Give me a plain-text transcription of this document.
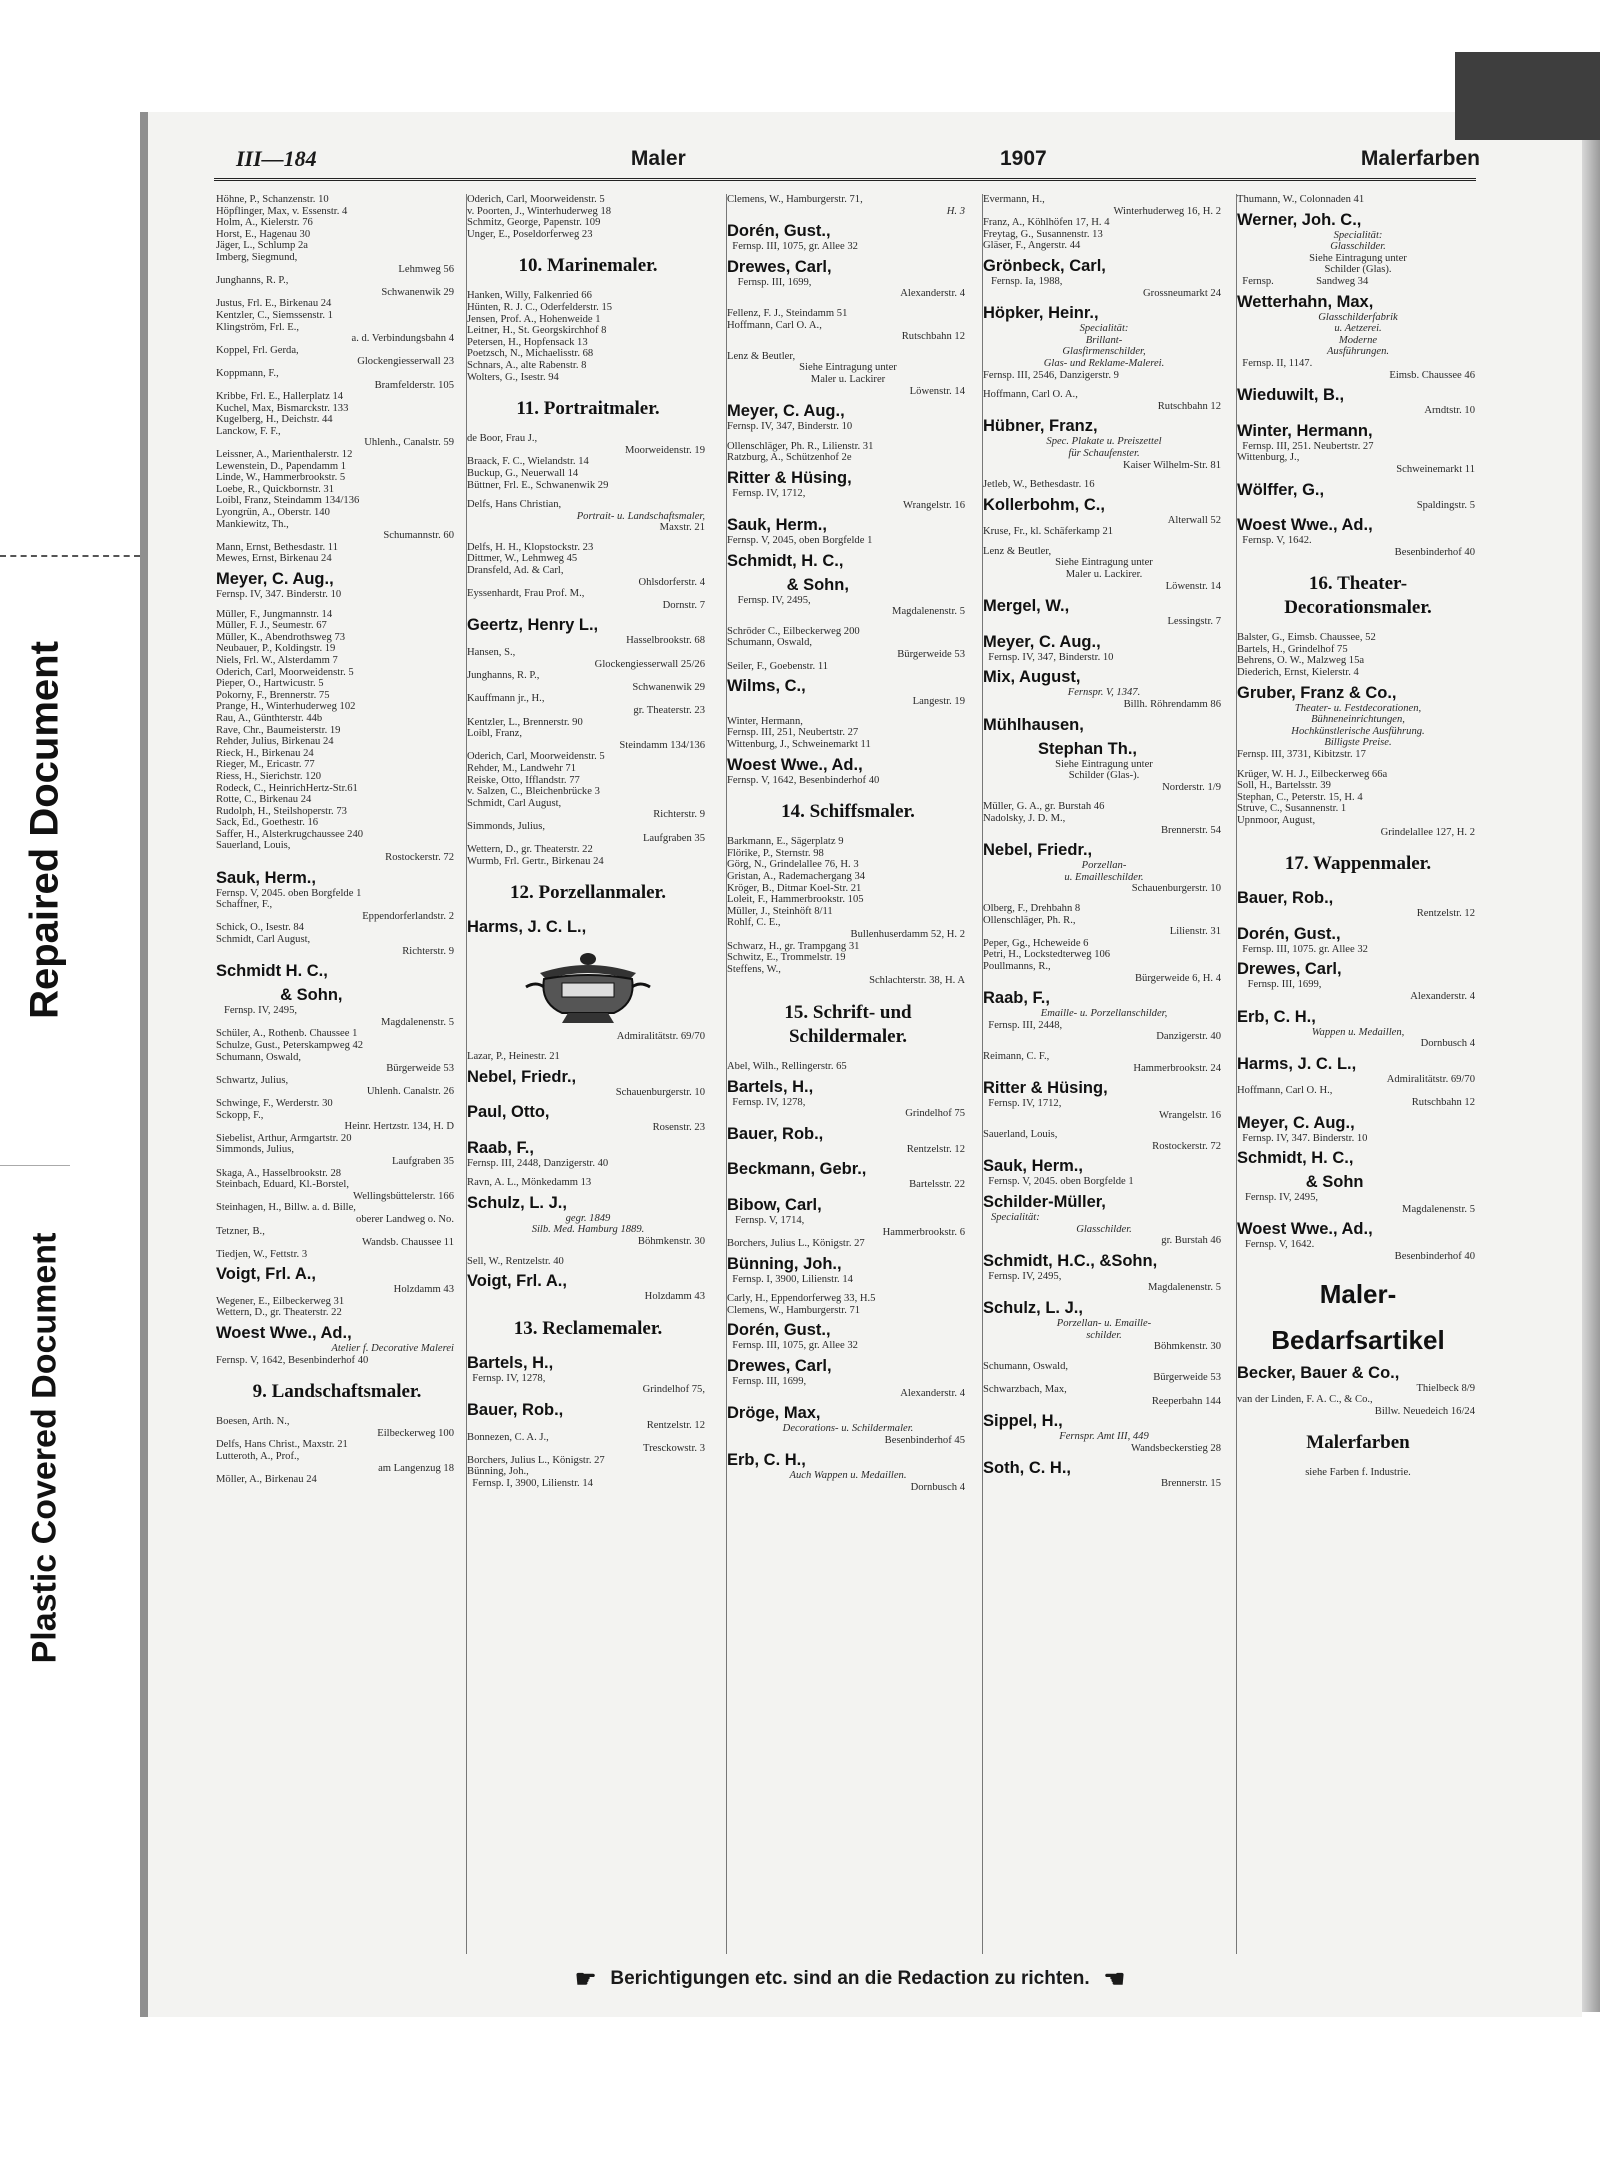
Repaired Document
Plastic Covered Document
III—184	Maler	1907	Malerfarben
Höhne, P., Schanzenstr. 10
Höpflinger, Max, v. Essenstr. 4
Holm, A., Kielerstr. 76
Horst, E., Hagenau 30
Jäger, L., Schlump 2a
Imberg, Siegmund,
Lehmweg 56
Junghanns, R. P.,
Schwanenwik 29
Justus, Frl. E., Birkenau 24
Kentzler, C., Siemssenstr. 1
Klingström, Frl. E.,
a. d. Verbindungsbahn 4
Koppel, Frl. Gerda,
Glockengiesserwall 23
Koppmann, F.,
Bramfelderstr. 105
Kribbe, Frl. E., Hallerplatz 14
Kuchel, Max, Bismarckstr. 133
Kugelberg, H., Deichstr. 44
Lanckow, F. F.,
Uhlenh., Canalstr. 59
Leissner, A., Marienthalerstr. 12
Lewenstein, D., Papendamm 1
Linde, W., Hammerbrookstr. 5
Loebe, R., Quickbornstr. 31
Loibl, Franz, Steindamm 134/136
Lyongrün, A., Oberstr. 140
Mankiewitz, Th.,
Schumannstr. 60
Mann, Ernst, Bethesdastr. 11
Mewes, Ernst, Birkenau 24
Meyer, C. Aug.,
Fernsp. IV, 347. Binderstr. 10
Müller, F., Jungmannstr. 14
Müller, F. J., Seumestr. 67
Müller, K., Abendrothsweg 73
Neubauer, P., Koldingstr. 19
Niels, Frl. W., Alsterdamm 7
Oderich, Carl, Moorweidenstr. 5
Pieper, O., Hartwicustr. 5
Pokorny, F., Brennerstr. 75
Prange, H., Winterhuderweg 102
Rau, A., Günthterstr. 44b
Rave, Chr., Baumeisterstr. 19
Rehder, Julius, Birkenau 24
Rieck, H., Birkenau 24
Rieger, M., Ericastr. 77
Riess, H., Sierichstr. 120
Rodeck, C., HeinrichHertz-Str.61
Rotte, C., Birkenau 24
Rudolph, H., Steilshoperstr. 73
Sack, Ed., Goethestr. 16
Saffer, H., Alsterkrugchaussee 240
Sauerland, Louis,
Rostockerstr. 72
Sauk, Herm.,
Fernsp. V, 2045. oben Borgfelde 1
Schaffner, F.,
Eppendorferlandstr. 2
Schick, O., Isestr. 84
Schmidt, Carl August,
Richterstr. 9
Schmidt H. C.,
& Sohn,
Fernsp. IV, 2495,
Magdalenenstr. 5
Schüler, A., Rothenb. Chaussee 1
Schulze, Gust., Peterskampweg 42
Schumann, Oswald,
Bürgerweide 53
Schwartz, Julius,
Uhlenh. Canalstr. 26
Schwinge, F., Werderstr. 30
Sckopp, F.,
Heinr. Hertzstr. 134, H. D
Siebelist, Arthur, Armgartstr. 20
Simmonds, Julius,
Laufgraben 35
Skaga, A., Hasselbrookstr. 28
Steinbach, Eduard, Kl.-Borstel,
Wellingsbüttelerstr. 166
Steinhagen, H., Billw. a. d. Bille,
oberer Landweg o. No.
Tetzner, B.,
Wandsb. Chaussee 11
Tiedjen, W., Fettstr. 3
Voigt, Frl. A.,
Holzdamm 43
Wegener, E., Eilbeckerweg 31
Wettern, D., gr. Theaterstr. 22
Woest Wwe., Ad.,
Atelier f. Decorative Malerei
Fernsp. V, 1642, Besenbinderhof 40
9. Landschaftsmaler.
Boesen, Arth. N.,
Eilbeckerweg 100
Delfs, Hans Christ., Maxstr. 21
Lutteroth, A., Prof.,
am Langenzug 18
Möller, A., Birkenau 24
Oderich, Carl, Moorweidenstr. 5
v. Poorten, J., Winterhuderweg 18
Schmitz, George, Papenstr. 109
Unger, E., Poseldorferweg 23
10. Marinemaler.
Hanken, Willy, Falkenried 66
Hünten, R. J. C., Oderfelderstr. 15
Jensen, Prof. A., Hohenweide 1
Leitner, H., St. Georgskirchhof 8
Petersen, H., Hopfensack 13
Poetzsch, N., Michaelisstr. 68
Schnars, A., alte Rabenstr. 8
Wolters, G., Isestr. 94
11. Portraitmaler.
de Boor, Frau J.,
Moorweidenstr. 19
Braack, F. C., Wielandstr. 14
Buckup, G., Neuerwall 14
Büttner, Frl. E., Schwanenwik 29
Delfs, Hans Christian,
Portrait- u. Landschaftsmaler,
Maxstr. 21
Delfs, H. H., Klopstockstr. 23
Dittmer, W., Lehmweg 45
Dransfeld, Ad. & Carl,
Ohlsdorferstr. 4
Eyssenhardt, Frau Prof. M.,
Dornstr. 7
Geertz, Henry L.,
Hasselbrookstr. 68
Hansen, S.,
Glockengiesserwall 25/26
Junghanns, R. P.,
Schwanenwik 29
Kauffmann jr., H.,
gr. Theaterstr. 23
Kentzler, L., Brennerstr. 90
Loibl, Franz,
Steindamm 134/136
Oderich, Carl, Moorweidenstr. 5
Rehder, M., Landwehr 71
Reiske, Otto, Ifflandstr. 77
v. Salzen, C., Bleichenbrücke 3
Schmidt, Carl August,
Richterstr. 9
Simmonds, Julius,
Laufgraben 35
Wettern, D., gr. Theaterstr. 22
Wurmb, Frl. Gertr., Birkenau 24
12. Porzellanmaler.
Harms, J. C. L.,
Admiralitätstr. 69/70
Lazar, P., Heinestr. 21
Nebel, Friedr.,
Schauenburgerstr. 10
Paul, Otto,
Rosenstr. 23
Raab, F.,
Fernsp. III, 2448, Danzigerstr. 40
Ravn, A. L., Mönkedamm 13
Schulz, L. J.,
gegr. 1849
Silb. Med. Hamburg 1889.
Böhmkenstr. 30
Sell, W., Rentzelstr. 40
Voigt, Frl. A.,
Holzdamm 43
13. Reclamemaler.
Bartels, H.,
Fernsp. IV, 1278,
Grindelhof 75,
Bauer, Rob.,
Rentzelstr. 12
Bonnezen, C. A. J.,
Tresckowstr. 3
Borchers, Julius L., Königstr. 27
Bünning, Joh.,
Fernsp. I, 3900, Lilienstr. 14
Clemens, W., Hamburgerstr. 71,
H. 3
Dorén, Gust.,
Fernsp. III, 1075, gr. Allee 32
Drewes, Carl,
Fernsp. III, 1699,
Alexanderstr. 4
Fellenz, F. J., Steindamm 51
Hoffmann, Carl O. A.,
Rutschbahn 12
Lenz & Beutler,
Siehe Eintragung unter
Maler u. Lackirer
Löwenstr. 14
Meyer, C. Aug.,
Fernsp. IV, 347, Binderstr. 10
Ollenschläger, Ph. R., Lilienstr. 31
Ratzburg, A., Schützenhof 2e
Ritter & Hüsing,
Fernsp. IV, 1712,
Wrangelstr. 16
Sauk, Herm.,
Fernsp. V, 2045, oben Borgfelde 1
Schmidt, H. C.,
& Sohn,
Fernsp. IV, 2495,
Magdalenenstr. 5
Schröder C., Eilbeckerweg 200
Schumann, Oswald,
Bürgerweide 53
Seiler, F., Goebenstr. 11
Wilms, C.,
Langestr. 19
Winter, Hermann,
Fernsp. III, 251, Neubertstr. 27
Wittenburg, J., Schweinemarkt 11
Woest Wwe., Ad.,
Fernsp. V, 1642, Besenbinderhof 40
14. Schiffsmaler.
Barkmann, E., Sägerplatz 9
Flörike, P., Sternstr. 98
Görg, N., Grindelallee 76, H. 3
Gristan, A., Rademachergang 34
Kröger, B., Ditmar Koel-Str. 21
Loleit, F., Hammerbrookstr. 105
Müller, J., Steinhöft 8/11
Rohlf, C. E.,
Bullenhuserdamm 52, H. 2
Schwarz, H., gr. Trampgang 31
Schwitz, E., Trommelstr. 19
Steffens, W.,
Schlachterstr. 38, H. A
15. Schrift- und Schildermaler.
Abel, Wilh., Rellingerstr. 65
Bartels, H.,
Fernsp. IV, 1278,
Grindelhof 75
Bauer, Rob.,
Rentzelstr. 12
Beckmann, Gebr.,
Bartelsstr. 22
Bibow, Carl,
Fernsp. V, 1714,
Hammerbrookstr. 6
Borchers, Julius L., Königstr. 27
Bünning, Joh.,
Fernsp. I, 3900, Lilienstr. 14
Carly, H., Eppendorferweg 33, H.5
Clemens, W., Hamburgerstr. 71
Dorén, Gust.,
Fernsp. III, 1075, gr. Allee 32
Drewes, Carl,
Fernsp. III, 1699,
Alexanderstr. 4
Dröge, Max,
Decorations- u. Schildermaler.
Besenbinderhof 45
Erb, C. H.,
Auch Wappen u. Medaillen.
Dornbusch 4
Evermann, H.,
Winterhuderweg 16, H. 2
Franz, A., Köhlhöfen 17, H. 4
Freytag, G., Susannenstr. 13
Gläser, F., Angerstr. 44
Grönbeck, Carl,
Fernsp. Ia, 1988,
Grossneumarkt 24
Höpker, Heinr.,
Specialität:
Brillant-
Glasfirmenschilder,
Glas- und Reklame-Malerei.
Fernsp. III, 2546, Danzigerstr. 9
Hoffmann, Carl O. A.,
Rutschbahn 12
Hübner, Franz,
Spec. Plakate u. Preiszettel
für Schaufenster.
Kaiser Wilhelm-Str. 81
Jetleb, W., Bethesdastr. 16
Kollerbohm, C.,
Alterwall 52
Kruse, Fr., kl. Schäferkamp 21
Lenz & Beutler,
Siehe Eintragung unter
Maler u. Lackirer.
Löwenstr. 14
Mergel, W.,
Lessingstr. 7
Meyer, C. Aug.,
Fernsp. IV, 347, Binderstr. 10
Mix, August,
Fernspr. V, 1347.
Billh. Röhrendamm 86
Mühlhausen,
Stephan Th.,
Siehe Eintragung unter
Schilder (Glas-).
Norderstr. 1/9
Müller, G. A., gr. Burstah 46
Nadolsky, J. D. M.,
Brennerstr. 54
Nebel, Friedr.,
Porzellan-
u. Emailleschilder.
Schauenburgerstr. 10
Olberg, F., Drehbahn 8
Ollenschläger, Ph. R.,
Lilienstr. 31
Peper, Gg., Hcheweide 6
Petri, H., Lockstedterweg 106
Poullmanns, R.,
Bürgerweide 6, H. 4
Raab, F.,
Emaille- u. Porzellanschilder,
Fernsp. III, 2448,
Danzigerstr. 40
Reimann, C. F.,
Hammerbrookstr. 24
Ritter & Hüsing,
Fernsp. IV, 1712,
Wrangelstr. 16
Sauerland, Louis,
Rostockerstr. 72
Sauk, Herm.,
Fernsp. V, 2045. oben Borgfelde 1
Schilder-Müller,
Specialität:
Glasschilder.
gr. Burstah 46
Schmidt, H.C., &Sohn,
Fernsp. IV, 2495,
Magdalenenstr. 5
Schulz, L. J.,
Porzellan- u. Emaille-
schilder.
Böhmkenstr. 30
Schumann, Oswald,
Bürgerweide 53
Schwarzbach, Max,
Reeperbahn 144
Sippel, H.,
Fernspr. Amt III, 449
Wandsbeckerstieg 28
Soth, C. H.,
Brennerstr. 15
Thumann, W., Colonnaden 41
Werner, Joh. C.,
Specialität:
Glasschilder.
Siehe Eintragung unter
Schilder (Glas).
Fernsp.                Sandweg 34
Wetterhahn, Max,
Glasschilderfabrik
u. Aetzerei.
Moderne
Ausführungen.
Fernsp. II, 1147.
Eimsb. Chaussee 46
Wieduwilt, B.,
Arndtstr. 10
Winter, Hermann,
Fernsp. III, 251. Neubertstr. 27
Wittenburg, J.,
Schweinemarkt 11
Wölffer, G.,
Spaldingstr. 5
Woest Wwe., Ad.,
Fernsp. V, 1642.
Besenbinderhof 40
16. Theater- Decorationsmaler.
Balster, G., Eimsb. Chaussee, 52
Bartels, H., Grindelhof 75
Behrens, O. W., Malzweg 15a
Diederich, Ernst, Kielerstr. 4
Gruber, Franz & Co.,
Theater- u. Festdecorationen,
Bühneneinrichtungen,
Hochkünstlerische Ausführung.
Billigste Preise.
Fernsp. III, 3731, Kibitzstr. 17
Krüger, W. H. J., Eilbeckerweg 66a
Soll, H., Bartelsstr. 39
Stephan, C., Peterstr. 15, H. 4
Struve, C., Susannenstr. 1
Upnmoor, August,
Grindelallee 127, H. 2
17. Wappenmaler.
Bauer, Rob.,
Rentzelstr. 12
Dorén, Gust.,
Fernsp. III, 1075. gr. Allee 32
Drewes, Carl,
Fernsp. III, 1699,
Alexanderstr. 4
Erb, C. H.,
Wappen u. Medaillen,
Dornbusch 4
Harms, J. C. L.,
Admiralitätstr. 69/70
Hoffmann, Carl O. H.,
Rutschbahn 12
Meyer, C. Aug.,
Fernsp. IV, 347. Binderstr. 10
Schmidt, H. C.,
& Sohn
Fernsp. IV, 2495,
Magdalenenstr. 5
Woest Wwe., Ad.,
Fernsp. V, 1642.
Besenbinderhof 40
Maler-
Bedarfsartikel
Becker, Bauer & Co.,
Thielbeck 8/9
van der Linden, F. A. C., & Co.,
Billw. Neuedeich 16/24
Malerfarben
siehe Farben f. Industrie.
☛ Berichtigungen etc. sind an die Redaction zu richten. ☚
